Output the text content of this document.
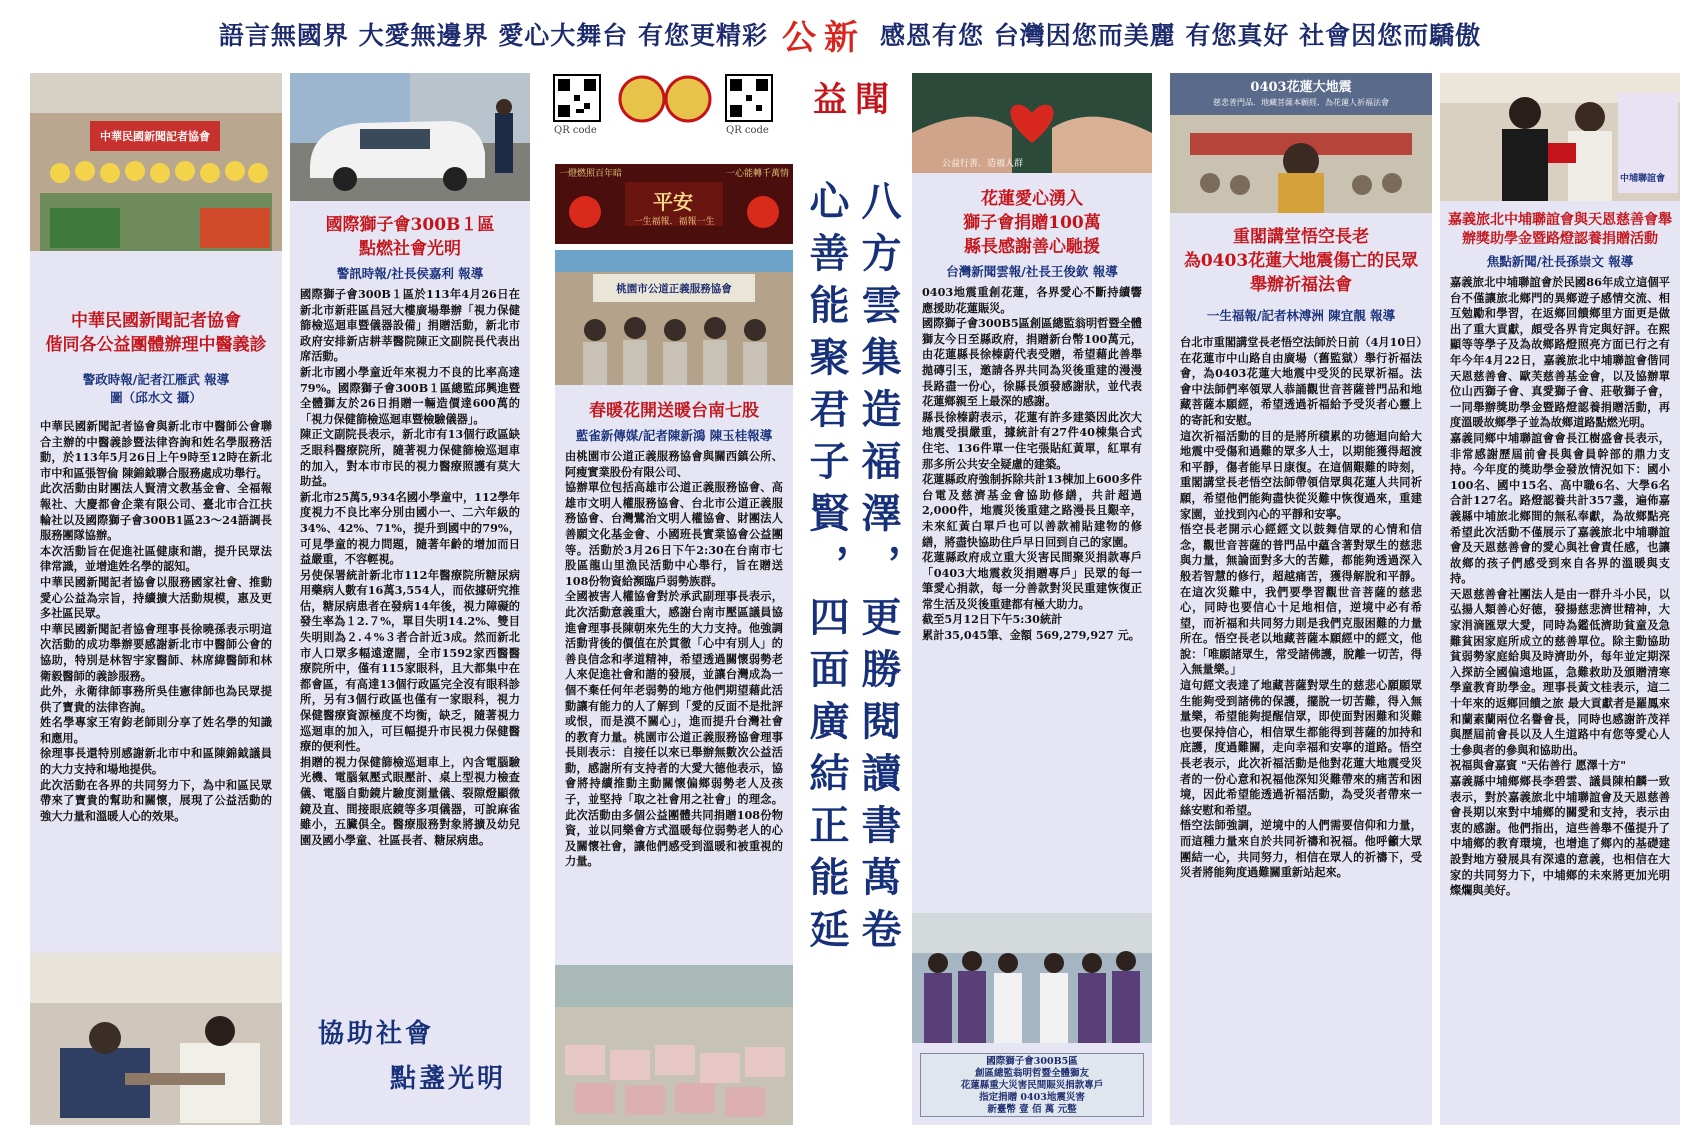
語言無國界 大愛無邊界 愛心大舞台 有您更精彩 公新 感恩有您 台灣因您而美麗 有您真好 社會因您而驕傲
益聞
中華民國新聞記者協會
中華民國新聞記者協會
偕同各公益團體辦理中醫義診
警政時報/記者江雁武 報導
圖（邱水文 攝）

中華民國新聞記者協會與新北市中醫師公會聯合主辦的中醫義診暨法律咨詢和姓名學服務活動，於113年5月26日上午9時至12時在新北市中和區張智倫 陳錦鉞聯合服務處成功舉行。

此次活動由財團法人賢清文教基金會、全福報報社、大慶都會企業有限公司、臺北市合江扶輪社以及國際獅子會300B1區23～24語調長服務團隊協辦。

本次活動旨在促進社區健康和諧，提升民眾法律常識，並增進姓名學的認知。

中華民國新聞記者協會以服務國家社會、推動愛心公益為宗旨，持續擴大活動規模，惠及更多社區民眾。

中華民國新聞記者協會理事長徐曉孫表示明這次活動的成功舉辦要感謝新北市中醫師公會的協助，特別是林智宇家醫師、林席緯醫師和林衛毅醫師的義診服務。

此外，永衛律師事務所吳佳憲律師也為民眾提供了寶貴的法律咨詢。

姓名學專家王宥鈞老師則分享了姓名學的知識和應用。

徐理事長還特別感謝新北市中和區陳錦鉞議員的大力支持和場地提供。

此次活動在各界的共同努力下，為中和區民眾帶來了寶貴的幫助和關懷，展現了公益活動的強大力量和溫暖人心的效果。

國際獅子會300B１區
點燃社會光明
警訊時報/社長侯嘉利 報導

國際獅子會300B１區於113年4月26日在新北市新莊區昌冠大樓廣場舉辦「視力保健篩檢巡迴車暨儀器設備」捐贈活動，新北市政府安排新店耕莘醫院陳正文副院長代表出席活動。

新北市國小學童近年來視力不良的比率高達79%。國際獅子會300B１區總監邱興進暨全體獅友於26日捐贈一輛造價達600萬的「視力保健篩檢巡迴車暨檢驗儀器」。

陳正文副院長表示，新北市有13個行政區缺乏眼科醫療院所，隨著視力保健篩檢巡迴車的加入，對本市市民的視力醫療照護有莫大助益。

新北市25萬5,934名國小學童中，112學年度視力不良比率分別由國小一、二六年級的34%、42%、71%，提升到國中的79%，可見學童的視力問題，隨著年齡的增加而日益嚴重，不容輕視。

另使保署統計新北市112年醫療院所糖尿病用藥病人數有16萬3,554人，而依據研究推估，糖尿病患者在發病14年後，視力障礙的發生率為１2.７%，單目失明14.2%、雙目失明則為２.４%３者合計近3成。然而新北市人口眾多幅遠遼闊，全市1592家西醫醫療院所中，僅有115家眼科，且大都集中在都會區，有高達13個行政區完全沒有眼科診所，另有3個行政區也僅有一家眼科，視力保健醫療資源極度不均衡，缺乏，隨著視力巡迴車的加入，可巨幅提升市民視力保健醫療的便利性。

捐贈的視力保健篩檢巡迴車上，內含電腦驗光機、電腦氣壓式眼壓計、桌上型視力檢查儀、電腦自動鏡片驗度測量儀、裂隙燈顯微鏡及直、間接眼底鏡等多項儀器，可說麻雀雖小，五臟俱全。醫療服務對象將擴及幼兒園及國小學童、社區長者、糖尿病患。

協助社會
點盞光明
QR code	QR code
一燈燃照百年暗	一心能轉千萬情
平安
一生福報．福報一生
桃園市公道正義服務協會
春暖花開送暖台南七股
藍雀新傳媒/記者陳新鴻 陳玉桂報導

由桃園市公道正義服務協會與關西鎮公所、阿瘦實業股份有限公司、

協辦單位包括高雄市公道正義服務協會、高雄市文明人權服務協會、台北市公道正義服務協會、台灣鷺治文明人權協會、財團法人善願文化基金會、小國班長實業協會公益團等。活動於3月26日下午2:30在台南市七股區龍山里漁民活動中心舉行，旨在贈送108份物資給瀕臨戶弱勢族群。

全國被害人權協會對於承武副理事長表示，此次活動意義重大，感謝台南市壓區議員協進會理事長陳朝來先生的大力支持。他強調活動背後的價值在於貫徹「心中有別人」的善良信念和孝道精神，希望透過關懷弱勢老人來促進社會和諧的發展，並讓台灣成為一個不棄任何年老弱勢的地方他們期望藉此活動讓有能力的人了解到「愛的反面不是批評或恨，而是漠不關心」，進而提升台灣社會的教育力量。桃園市公道正義服務協會理事長則表示：自接任以來已舉辦無數次公益活動，感謝所有支持者的大愛大德他表示，協會將持續推動主動關懷偏鄉弱勢老人及孩子，並堅持「取之社會用之社會」的理念。此次活動由多個公益團體共同捐贈108份物資，並以同樂會方式溫暖每位弱勢老人的心及關懷社會，讓他們感受到溫暖和被重視的力量。	心善能聚君子賢，四面廣結正能延 八方雲集造福澤，更勝閱讀書萬卷
公益行善．造福人群
花蓮愛心湧入
獅子會捐贈100萬
縣長感謝善心馳援
台灣新聞雲報/社長王俊欽 報導

0403地震重創花蓮，各界愛心不斷持續響應援助花蓮賑災。

國際獅子會300B5區創區總監翁明哲暨全體獅友今日至縣政府，捐贈新台幣100萬元，由花蓮縣長徐榛蔚代表受贈，希望藉此善舉拋磚引玉，邀請各界共同為災後重建的漫漫長路盡一份心，徐縣長頒發感謝狀，並代表花蓮鄉親至上最深的感謝。

縣長徐榛蔚表示，花蓮有許多建築因此次大地震受損嚴重，據統計有27件40棟集合式住宅、136件單一住宅張貼紅黃單，紅單有那多所公共安全疑慮的建築。

花蓮縣政府強制拆除共計13棟加上600多件台電及慈濟基金會協助修繕，共計超過2,000件，地震災後重建之路漫長且艱辛，未來紅黃白單戶也可以善款補貼建物的修繕，將盡快協助住戶早日回到自己的家園。

花蓮縣政府成立重大災害民間聚災捐款專戶「0403大地震救災捐贈專戶」民眾的每一筆愛心捐款，每一分善款對災民重建恢復正常生活及災後重建都有極大助力。

截至5月12日下午5:30統計

累計35,045筆、金額 569,279,927 元。

國際獅子會300B5區
創區總監翁明哲暨全體獅友
花蓮縣重大災害民間賑災捐款專戶
指定捐贈 0403地震災害
新臺幣 壹 佰 萬 元整
0403花蓮大地震
慈悲普門品．地藏菩薩本願經．為花蓮人祈福法會
重閣講堂悟空長老
為0403花蓮大地震傷亡的民眾舉辦祈福法會
一生福報/記者林溥洲 陳宜靚 報導

台北市重閣講堂長老悟空法師於日前（4月10日）在花蓮市中山路自由廣場（舊監獄）舉行祈福法會，為0403花蓮大地震中受災的民眾祈福。法會中法師們率領眾人恭誦觀世音菩薩普門品和地藏菩薩本願經，希望透過祈福給予受災者心靈上的寄託和安慰。

這次祈福活動的目的是將所積累的功德迴向給大地震中受傷和過難的眾多人士，以期能獲得超渡和平靜，傷者能早日康復。在這個艱難的時刻，重閣講堂長老悟空法師帶領信眾與花蓮人共同祈願，希望他們能夠盡快從災難中恢復過來，重建家園，並找到內心的平靜和安寧。

悟空長老開示心經經文以鼓舞信眾的心情和信念，觀世音菩薩的普門品中蘊含著對眾生的慈悲與力量，無論面對多大的苦難，都能夠透過深入般若智慧的修行，超越痛苦，獲得解脫和平靜。在這次災難中，我們要學習觀世音菩薩的慈悲心，同時也要信心十足地相信，逆境中必有希望，而祈福和共同努力則是我們克服困難的力量所在。悟空長老以地藏菩薩本願經中的經文，他說：「唯願諸眾生，常受諸佛護，脫離一切苦，得入無量樂。」

這句經文表達了地藏菩薩對眾生的慈悲心願願眾生能夠受到諸佛的保護，擺脫一切苦難，得入無量樂，希望能夠提醒信眾，即使面對困難和災難也要保持信心，相信眾生都能得到菩薩的加持和庇護，度過難關，走向幸福和安寧的道路。悟空長老表示，此次祈福活動是他對花蓮大地震受災者的一份心意和祝福他深知災難帶來的痛苦和困境，因此希望能透過祈福活動，為受災者帶來一絲安慰和希望。

悟空法師強調，逆境中的人們需要信仰和力量，而這種力量來自於共同祈禱和祝福。他呼籲大眾團結一心，共同努力，相信在眾人的祈禱下，受災者將能夠度過難關重新站起來。

中埔聯誼會
嘉義旅北中埔聯誼會與天恩慈善會舉辦獎助學金暨路燈認養捐贈活動
焦點新聞/社長孫崇文 報導

嘉義旅北中埔聯誼會於民國86年成立這個平台不僅讓旅北鄉門的異鄉遊子感情交流、相互勉勵和學習，在返鄉回饋鄉里方面更是做出了重大貢獻，頗受各界肯定與好評。在熙顯等等學子及為故鄉路燈照亮方面已行之有年今年4月22日，嘉義旅北中埔聯誼會偕同天恩慈善會、歐芙慈善基金會，以及協辦單位山西獅子會、真愛獅子會、莊敬獅子會，一同舉辦獎助學金暨路燈認養捐贈活動，再度溫暖故鄉學子並為故鄉道路點燃光明。

嘉義同鄉中埔聯誼會會長江樹盛會長表示，非常感謝歷屆前會長與會員幹部的鼎力支持。今年度的獎助學金發放情況如下：國小100名、國中15名、高中職6名、大學6名 合計127名。路燈認養共計357盞，遍佈嘉義縣中埔旅北鄉間的無私奉獻，為故鄉點亮希望此次活動不僅展示了嘉義旅北中埔聯誼會及天恩慈善會的愛心與社會責任感，也讓故鄉的孩子們感受到來自各界的溫暖與支持。

天恩慈善會社團法人是由一群升斗小民，以弘揚人類善心好德，發揚慈悲濟世精神，大家涓滴匯眾大愛，同時為鑑低濟助貧童及急難貧困家庭所成立的慈善單位。除主動協助貧弱勢家庭給與及時濟助外，每年並定期深入探訪全國偏遠地區，急難救助及頒贈清寒學童教育助學金。理事長黃文桂表示，這二十年來的返鄉回饋之旅 最大貢獻者是羅鳳來和蘭素蘭兩位名譽會長，同時也感謝許茂祥與歷屆前會長以及人生道路中有您等愛心人士參與者的參與和協助出。

祝福與會嘉賓 "天佑善行 愿澤十方"

嘉義縣中埔鄉鄉長李碧雲、議員陳柏麟一致表示，對於嘉義旅北中埔聯誼會及天恩慈善會長期以來對中埔鄉的關愛和支持，表示由衷的感謝。他們指出，這些善舉不僅提升了中埔鄉的教育環境，也增進了鄉內的基礎建設對地方發展具有深遠的意義，也相信在大家的共同努力下，中埔鄉的未來將更加光明燦爛與美好。
